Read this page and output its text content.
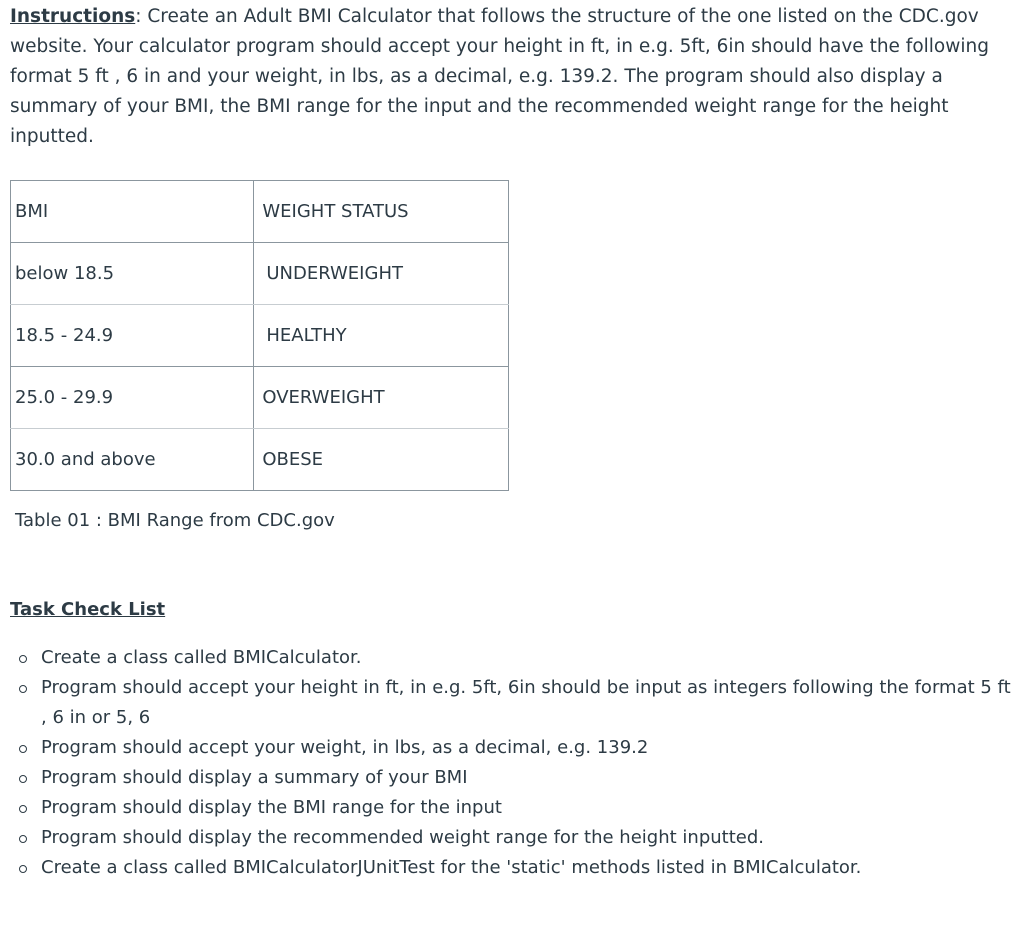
Instructions: Create an Adult BMI Calculator that follows the structure of the one listed on the CDC.gov website. Your calculator program should accept your height in ft, in e.g. 5ft, 6in should have the following format 5 ft , 6 in and your weight, in lbs, as a decimal, e.g. 139.2. The program should also display a summary of your BMI, the BMI range for the input and the recommended weight range for the height inputted.

BMI	WEIGHT STATUS
below 18.5	UNDERWEIGHT
18.5 - 24.9	HEALTHY
25.0 - 29.9	OVERWEIGHT
30.0 and above	OBESE

Table 01 : BMI Range from CDC.gov

Task Check List

Create a class called BMICalculator.
Program should accept your height in ft, in e.g. 5ft, 6in should be input as integers following the format 5 ft , 6 in or 5, 6
Program should accept your weight, in lbs, as a decimal, e.g. 139.2
Program should display a summary of your BMI
Program should display the BMI range for the input
Program should display the recommended weight range for the height inputted.
Create a class called BMICalculatorJUnitTest for the 'static' methods listed in BMICalculator.
